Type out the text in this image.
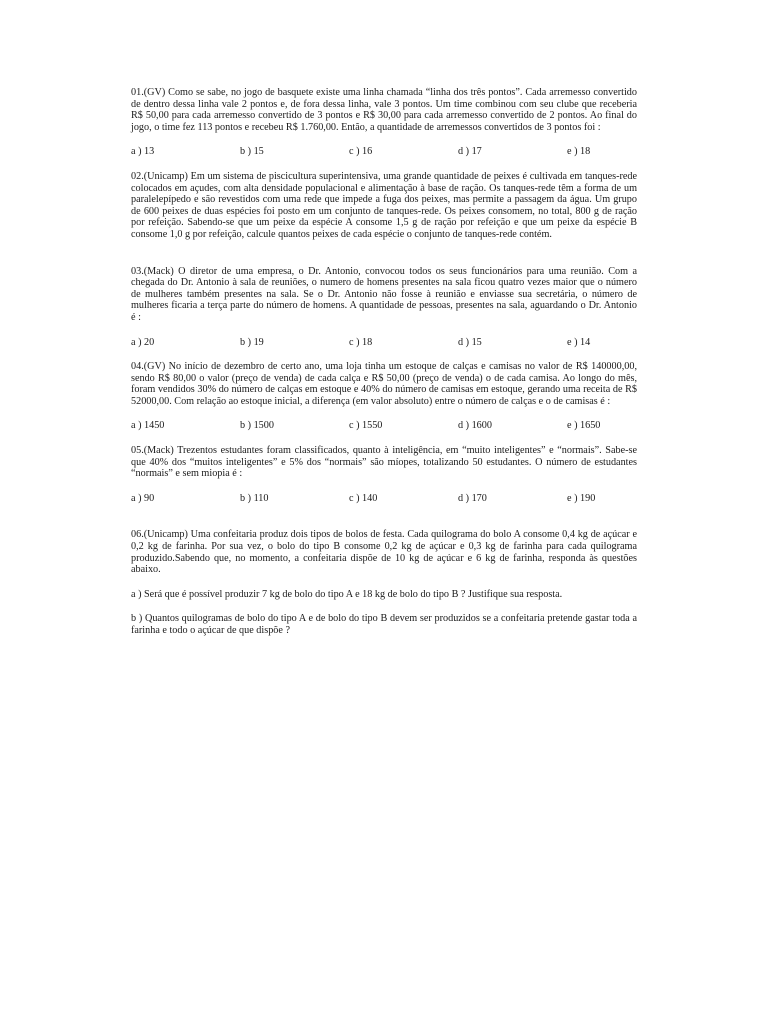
01.(GV) Como se sabe, no jogo de basquete existe uma linha chamada “linha dos três pontos”. Cada arremesso convertido de dentro dessa linha vale 2 pontos e, de fora dessa linha, vale 3 pontos. Um time combinou com seu clube que receberia R$ 50,00 para cada arremesso convertido de 3 pontos e R$ 30,00 para cada arremesso convertido de 2 pontos. Ao final do jogo, o time fez 113 pontos e recebeu R$ 1.760,00. Então, a quantidade de arremessos convertidos de 3 pontos foi :

a ) 13	b ) 15	c ) 16	d ) 17	e ) 18

02.(Unicamp) Em um sistema de piscicultura superintensiva, uma grande quantidade de peixes é cultivada em tanques-rede colocados em açudes, com alta densidade populacional e alimentação à base de ração. Os tanques-rede têm a forma de um paralelepípedo e são revestidos com uma rede que impede a fuga dos peixes, mas permite a passagem da água. Um grupo de 600 peixes de duas espécies foi posto em um conjunto de tanques-rede. Os peixes consomem, no total, 800 g de ração por refeição. Sabendo-se que um peixe da espécie A consome 1,5 g de ração por refeição e que um peixe da espécie B consome 1,0 g por refeição, calcule quantos peixes de cada espécie o conjunto de tanques-rede contém.

03.(Mack) O diretor de uma empresa, o Dr. Antonio, convocou todos os seus funcionários para uma reunião. Com a chegada do Dr. Antonio à sala de reuniões, o numero de homens presentes na sala ficou quatro vezes maior que o número de mulheres também presentes na sala. Se o Dr. Antonio não fosse à reunião e enviasse sua secretária, o número de mulheres ficaria a terça parte do número de homens. A quantidade de pessoas, presentes na sala, aguardando o Dr. Antonio é :

a ) 20	b ) 19	c ) 18	d ) 15	e ) 14

04.(GV) No início de dezembro de certo ano, uma loja tinha um estoque de calças e camisas no valor de R$ 140000,00, sendo R$ 80,00 o valor (preço de venda) de cada calça e R$ 50,00 (preço de venda) o de cada camisa. Ao longo do mês, foram vendidos 30% do número de calças em estoque e 40% do número de camisas em estoque, gerando uma receita de R$ 52000,00. Com relação ao estoque inicial, a diferença (em valor absoluto) entre o número de calças e o de camisas é :

a ) 1450	b ) 1500	c ) 1550	d ) 1600	e ) 1650

05.(Mack) Trezentos estudantes foram classificados, quanto à inteligência, em “muito inteligentes” e “normais”. Sabe-se que 40% dos “muitos inteligentes” e 5% dos “normais” são míopes, totalizando 50 estudantes. O número de estudantes “normais” e sem miopia é :

a ) 90	b ) 110	c ) 140	d ) 170	e ) 190

06.(Unicamp) Uma confeitaria produz dois tipos de bolos de festa. Cada quilograma do bolo A consome 0,4 kg de açúcar e 0,2 kg de farinha. Por sua vez, o bolo do tipo B consome 0,2 kg de açúcar e 0,3 kg de farinha para cada quilograma produzido.Sabendo que, no momento, a confeitaria dispõe de 10 kg de açúcar e 6 kg de farinha, responda às questões abaixo.

a ) Será que é possível produzir 7 kg de bolo do tipo A e 18 kg de bolo do tipo B ? Justifique sua resposta.

b ) Quantos quilogramas de bolo do tipo A e de bolo do tipo B devem ser produzidos se a confeitaria pretende gastar toda a farinha e todo o açúcar de que dispõe ?
